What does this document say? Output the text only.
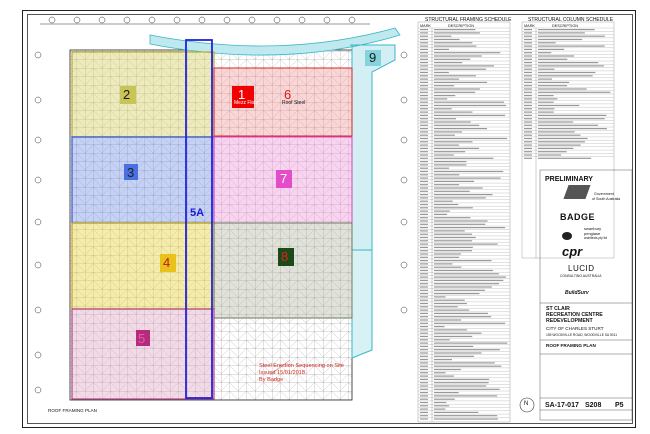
STRUCTURAL FRAMING SCHEDULE	STRUCTURAL COLUMN SCHEDULE
MARK	DESCRIPTION	MARK	DESCRIPTION
2	1
Mezz Floor
6
Roof Steel
9
3	7
5A
4	8
5
Steel Erection Sequencing on Site
Issued 15/01/2018
By Badge
ROOF FRAMING PLAN
N
PRELIMINARY
Government
of South Australia
BADGE
swanbury
penglase
architects pty ltd
cpr
LUCID
CONSULTING AUSTRALIA
BuildSurv
ST CLAIR
RECREATION CENTRE
REDEVELOPMENT
CITY OF CHARLES STURT
159 WOODVILLE ROAD, WOODVILLE SA 5011
ROOF FRAMING PLAN
SA-17-017 S208 P5
